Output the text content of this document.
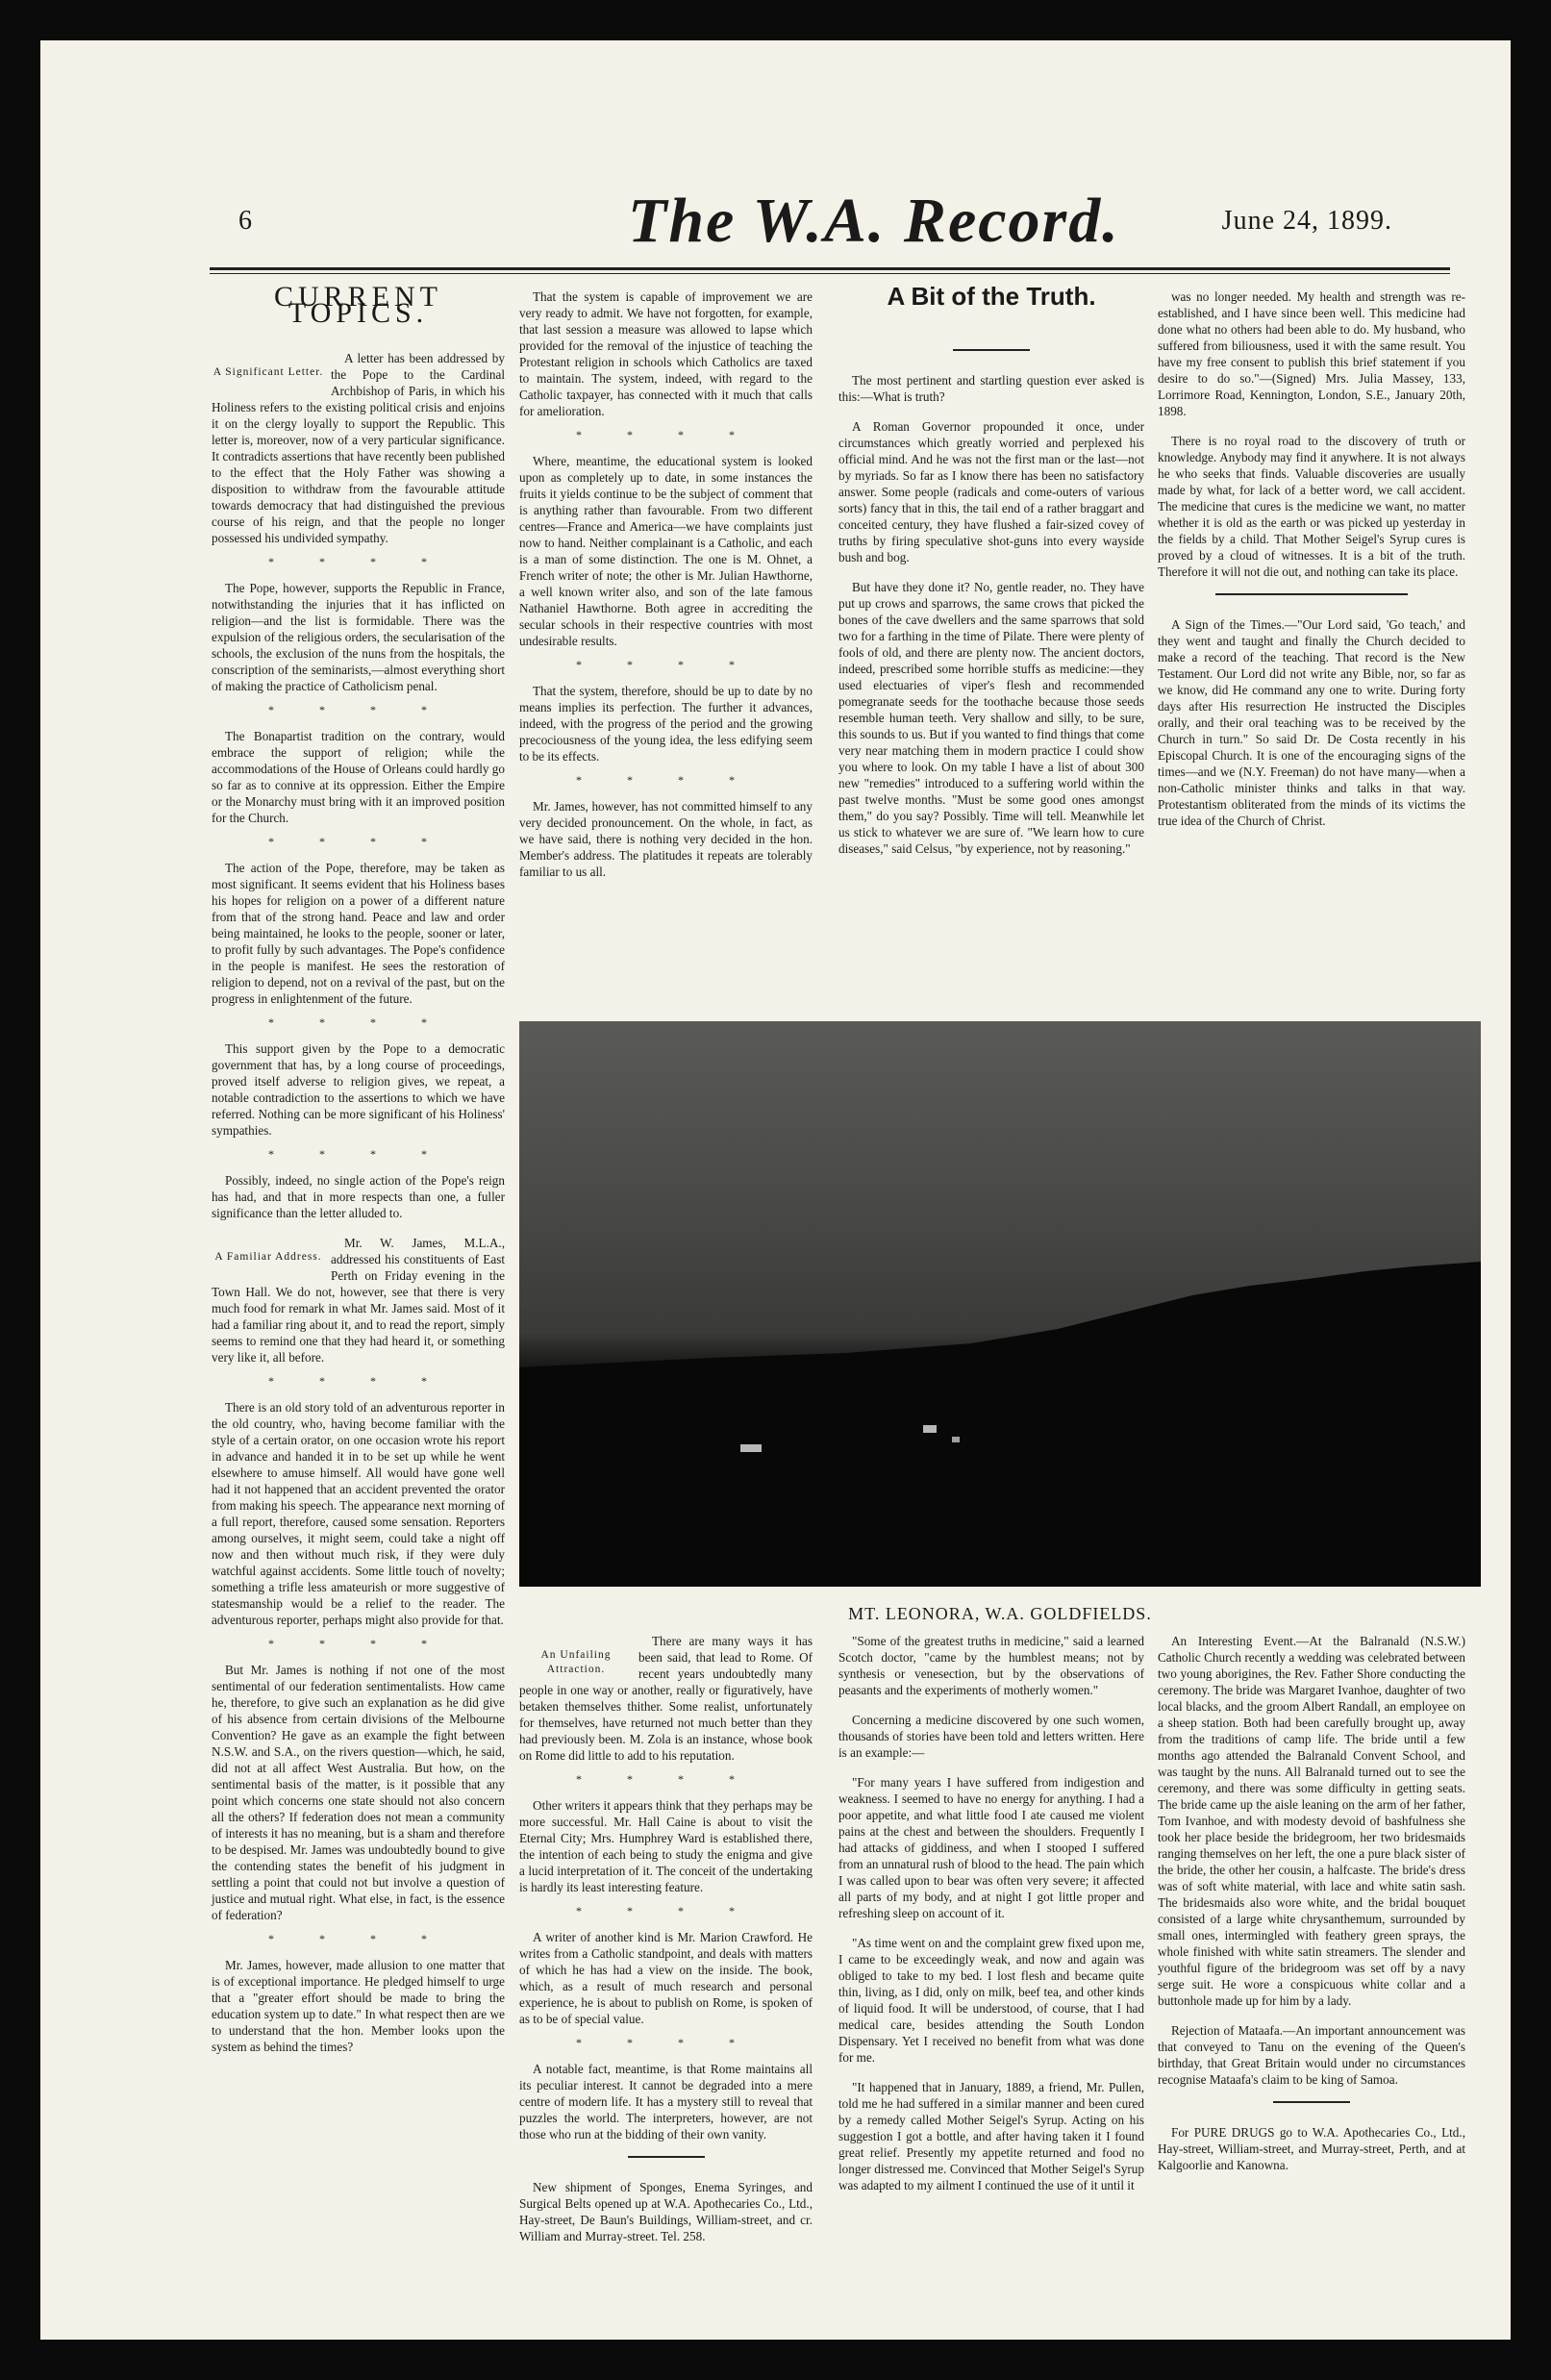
6	The W.A. Record.	June 24, 1899.
CURRENT TOPICS.
A Significant Letter.

A letter has been addressed by the Pope to the Cardinal Archbishop of Paris, in which his Holiness refers to the existing political crisis and enjoins it on the clergy loyally to support the Republic. This letter is, moreover, now of a very particular significance. It contradicts assertions that have recently been published to the effect that the Holy Father was showing a disposition to withdraw from the favourable attitude towards democracy that had distinguished the previous course of his reign, and that the people no longer possessed his undivided sympathy.

* * * *

The Pope, however, supports the Republic in France, notwithstanding the injuries that it has inflicted on religion—and the list is formidable. There was the expulsion of the religious orders, the secularisation of the schools, the exclusion of the nuns from the hospitals, the conscription of the seminarists,—almost everything short of making the practice of Catholicism penal.

* * * *

The Bonapartist tradition on the contrary, would embrace the support of religion; while the accommodations of the House of Orleans could hardly go so far as to connive at its oppression. Either the Empire or the Monarchy must bring with it an improved position for the Church.

* * * *

The action of the Pope, therefore, may be taken as most significant. It seems evident that his Holiness bases his hopes for religion on a power of a different nature from that of the strong hand. Peace and law and order being maintained, he looks to the people, sooner or later, to profit fully by such advantages. The Pope's confidence in the people is manifest. He sees the restoration of religion to depend, not on a revival of the past, but on the progress in enlightenment of the future.

* * * *

This support given by the Pope to a democratic government that has, by a long course of proceedings, proved itself adverse to religion gives, we repeat, a notable contradiction to the assertions to which we have referred. Nothing can be more significant of his Holiness' sympathies.

* * * *

Possibly, indeed, no single action of the Pope's reign has had, and that in more respects than one, a fuller significance than the letter alluded to.

A Familiar Address.

Mr. W. James, M.L.A., addressed his constituents of East Perth on Friday evening in the Town Hall. We do not, however, see that there is very much food for remark in what Mr. James said. Most of it had a familiar ring about it, and to read the report, simply seems to remind one that they had heard it, or something very like it, all before.

* * * *

There is an old story told of an adventurous reporter in the old country, who, having become familiar with the style of a certain orator, on one occasion wrote his report in advance and handed it in to be set up while he went elsewhere to amuse himself. All would have gone well had it not happened that an accident prevented the orator from making his speech. The appearance next morning of a full report, therefore, caused some sensation. Reporters among ourselves, it might seem, could take a night off now and then without much risk, if they were duly watchful against accidents. Some little touch of novelty; something a trifle less amateurish or more suggestive of statesmanship would be a relief to the reader. The adventurous reporter, perhaps might also provide for that.

* * * *

But Mr. James is nothing if not one of the most sentimental of our federation sentimentalists. How came he, therefore, to give such an explanation as he did give of his absence from certain divisions of the Melbourne Convention? He gave as an example the fight between N.S.W. and S.A., on the rivers question—which, he said, did not at all affect West Australia. But how, on the sentimental basis of the matter, is it possible that any point which concerns one state should not also concern all the others? If federation does not mean a community of interests it has no meaning, but is a sham and therefore to be despised. Mr. James was undoubtedly bound to give the contending states the benefit of his judgment in settling a point that could not but involve a question of justice and mutual right. What else, in fact, is the essence of federation?

* * * *

Mr. James, however, made allusion to one matter that is of exceptional importance. He pledged himself to urge that a "greater effort should be made to bring the education system up to date." In what respect then are we to understand that the hon. Member looks upon the system as behind the times?

That the system is capable of improvement we are very ready to admit. We have not forgotten, for example, that last session a measure was allowed to lapse which provided for the removal of the injustice of teaching the Protestant religion in schools which Catholics are taxed to maintain. The system, indeed, with regard to the Catholic taxpayer, has connected with it much that calls for amelioration.

* * * *

Where, meantime, the educational system is looked upon as completely up to date, in some instances the fruits it yields continue to be the subject of comment that is anything rather than favourable. From two different centres—France and America—we have complaints just now to hand. Neither complainant is a Catholic, and each is a man of some distinction. The one is M. Ohnet, a French writer of note; the other is Mr. Julian Hawthorne, a well known writer also, and son of the late famous Nathaniel Hawthorne. Both agree in accrediting the secular schools in their respective countries with most undesirable results.

* * * *

That the system, therefore, should be up to date by no means implies its perfection. The further it advances, indeed, with the progress of the period and the growing precociousness of the young idea, the less edifying seem to be its effects.

* * * *

Mr. James, however, has not committed himself to any very decided pronouncement. On the whole, in fact, as we have said, there is nothing very decided in the hon. Member's address. The platitudes it repeats are tolerably familiar to us all.

A Bit of the Truth.

The most pertinent and startling question ever asked is this:—What is truth?

A Roman Governor propounded it once, under circumstances which greatly worried and perplexed his official mind. And he was not the first man or the last—not by myriads. So far as I know there has been no satisfactory answer. Some people (radicals and come-outers of various sorts) fancy that in this, the tail end of a rather braggart and conceited century, they have flushed a fair-sized covey of truths by firing speculative shot-guns into every wayside bush and bog.

But have they done it? No, gentle reader, no. They have put up crows and sparrows, the same crows that picked the bones of the cave dwellers and the same sparrows that sold two for a farthing in the time of Pilate. There were plenty of fools of old, and there are plenty now. The ancient doctors, indeed, prescribed some horrible stuffs as medicine:—they used electuaries of viper's flesh and recommended pomegranate seeds for the toothache because those seeds resemble human teeth. Very shallow and silly, to be sure, this sounds to us. But if you wanted to find things that come very near matching them in modern practice I could show you where to look. On my table I have a list of about 300 new "remedies" introduced to a suffering world within the past twelve months. "Must be some good ones amongst them," do you say? Possibly. Time will tell. Meanwhile let us stick to whatever we are sure of. "We learn how to cure diseases," said Celsus, "by experience, not by reasoning."

was no longer needed. My health and strength was re-established, and I have since been well. This medicine had done what no others had been able to do. My husband, who suffered from biliousness, used it with the same result. You have my free consent to publish this brief statement if you desire to do so."—(Signed) Mrs. Julia Massey, 133, Lorrimore Road, Kennington, London, S.E., January 20th, 1898.

There is no royal road to the discovery of truth or knowledge. Anybody may find it anywhere. It is not always he who seeks that finds. Valuable discoveries are usually made by what, for lack of a better word, we call accident. The medicine that cures is the medicine we want, no matter whether it is old as the earth or was picked up yesterday in the fields by a child. That Mother Seigel's Syrup cures is proved by a cloud of witnesses. It is a bit of the truth. Therefore it will not die out, and nothing can take its place.

A Sign of the Times.—"Our Lord said, 'Go teach,' and they went and taught and finally the Church decided to make a record of the teaching. That record is the New Testament. Our Lord did not write any Bible, nor, so far as we know, did He command any one to write. During forty days after His resurrection He instructed the Disciples orally, and their oral teaching was to be received by the Church in turn." So said Dr. De Costa recently in his Episcopal Church. It is one of the encouraging signs of the times—and we (N.Y. Freeman) do not have many—when a non-Catholic minister thinks and talks in that way. Protestantism obliterated from the minds of its victims the true idea of the Church of Christ.

MT. LEONORA, W.A. GOLDFIELDS.
An Unfailing Attraction.

There are many ways it has been said, that lead to Rome. Of recent years undoubtedly many people in one way or another, really or figuratively, have betaken themselves thither. Some realist, unfortunately for themselves, have returned not much better than they had previously been. M. Zola is an instance, whose book on Rome did little to add to his reputation.

* * * *

Other writers it appears think that they perhaps may be more successful. Mr. Hall Caine is about to visit the Eternal City; Mrs. Humphrey Ward is established there, the intention of each being to study the enigma and give a lucid interpretation of it. The conceit of the undertaking is hardly its least interesting feature.

* * * *

A writer of another kind is Mr. Marion Crawford. He writes from a Catholic standpoint, and deals with matters of which he has had a view on the inside. The book, which, as a result of much research and personal experience, he is about to publish on Rome, is spoken of as to be of special value.

* * * *

A notable fact, meantime, is that Rome maintains all its peculiar interest. It cannot be degraded into a mere centre of modern life. It has a mystery still to reveal that puzzles the world. The interpreters, however, are not those who run at the bidding of their own vanity.

New shipment of Sponges, Enema Syringes, and Surgical Belts opened up at W.A. Apothecaries Co., Ltd., Hay-street, De Baun's Buildings, William-street, and cr. William and Murray-street. Tel. 258.

"Some of the greatest truths in medicine," said a learned Scotch doctor, "came by the humblest means; not by synthesis or venesection, but by the observations of peasants and the experiments of motherly women."

Concerning a medicine discovered by one such women, thousands of stories have been told and letters written. Here is an example:—

"For many years I have suffered from indigestion and weakness. I seemed to have no energy for anything. I had a poor appetite, and what little food I ate caused me violent pains at the chest and between the shoulders. Frequently I had attacks of giddiness, and when I stooped I suffered from an unnatural rush of blood to the head. The pain which I was called upon to bear was often very severe; it affected all parts of my body, and at night I got little proper and refreshing sleep on account of it.

"As time went on and the complaint grew fixed upon me, I came to be exceedingly weak, and now and again was obliged to take to my bed. I lost flesh and became quite thin, living, as I did, only on milk, beef tea, and other kinds of liquid food. It will be understood, of course, that I had medical care, besides attending the South London Dispensary. Yet I received no benefit from what was done for me.

"It happened that in January, 1889, a friend, Mr. Pullen, told me he had suffered in a similar manner and been cured by a remedy called Mother Seigel's Syrup. Acting on his suggestion I got a bottle, and after having taken it I found great relief. Presently my appetite returned and food no longer distressed me. Convinced that Mother Seigel's Syrup was adapted to my ailment I continued the use of it until it

An Interesting Event.—At the Balranald (N.S.W.) Catholic Church recently a wedding was celebrated between two young aborigines, the Rev. Father Shore conducting the ceremony. The bride was Margaret Ivanhoe, daughter of two local blacks, and the groom Albert Randall, an employee on a sheep station. Both had been carefully brought up, away from the traditions of camp life. The bride until a few months ago attended the Balranald Convent School, and was taught by the nuns. All Balranald turned out to see the ceremony, and there was some difficulty in getting seats. The bride came up the aisle leaning on the arm of her father, Tom Ivanhoe, and with modesty devoid of bashfulness she took her place beside the bridegroom, her two bridesmaids ranging themselves on her left, the one a pure black sister of the bride, the other her cousin, a halfcaste. The bride's dress was of soft white material, with lace and white satin sash. The bridesmaids also wore white, and the bridal bouquet consisted of a large white chrysanthemum, surrounded by small ones, intermingled with feathery green sprays, the whole finished with white satin streamers. The slender and youthful figure of the bridegroom was set off by a navy serge suit. He wore a conspicuous white collar and a buttonhole made up for him by a lady.

Rejection of Mataafa.—An important announcement was that conveyed to Tanu on the evening of the Queen's birthday, that Great Britain would under no circumstances recognise Mataafa's claim to be king of Samoa.

For PURE DRUGS go to W.A. Apothecaries Co., Ltd., Hay-street, William-street, and Murray-street, Perth, and at Kalgoorlie and Kanowna.
